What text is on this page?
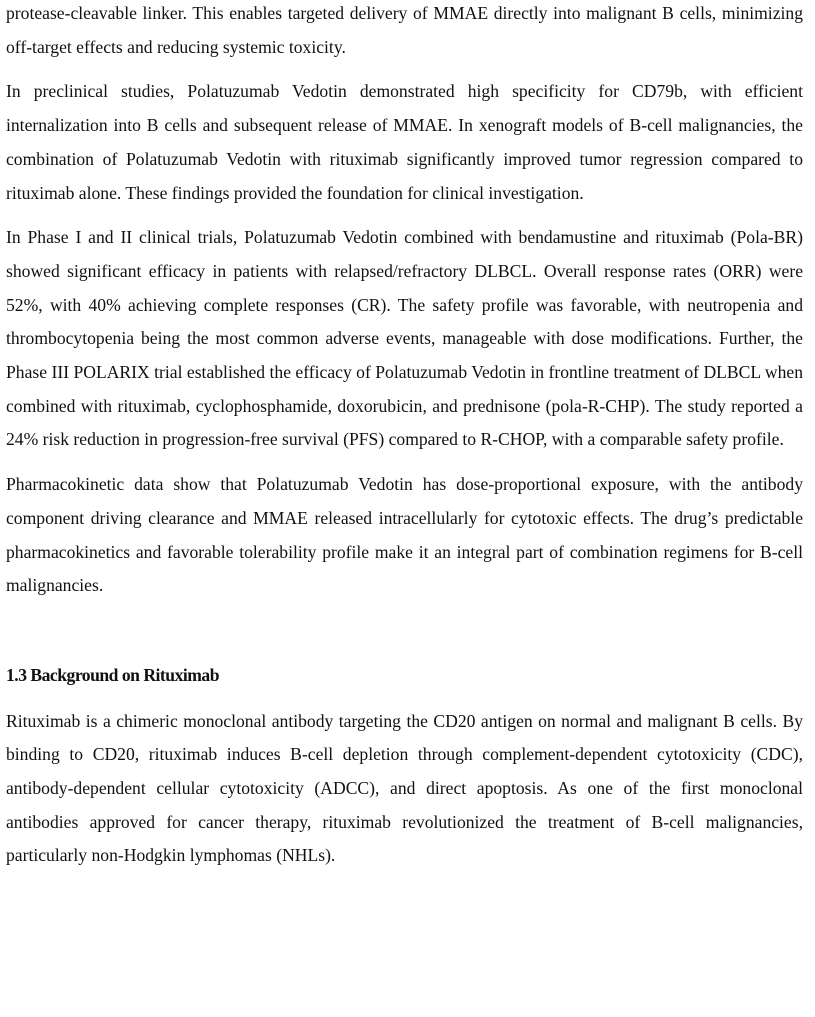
protease-cleavable linker. This enables targeted delivery of MMAE directly into malignant B cells, minimizing off-target effects and reducing systemic toxicity.

In preclinical studies, Polatuzumab Vedotin demonstrated high specificity for CD79b, with efficient internalization into B cells and subsequent release of MMAE. In xenograft models of B-cell malignancies, the combination of Polatuzumab Vedotin with rituximab significantly improved tumor regression compared to rituximab alone. These findings provided the foundation for clinical investigation.

In Phase I and II clinical trials, Polatuzumab Vedotin combined with bendamustine and rituximab (Pola-BR) showed significant efficacy in patients with relapsed/refractory DLBCL. Overall response rates (ORR) were 52%, with 40% achieving complete responses (CR). The safety profile was favorable, with neutropenia and thrombocytopenia being the most common adverse events, manageable with dose modifications. Further, the Phase III POLARIX trial established the efficacy of Polatuzumab Vedotin in frontline treatment of DLBCL when combined with rituximab, cyclophosphamide, doxorubicin, and prednisone (pola-R-CHP). The study reported a 24% risk reduction in progression-free survival (PFS) compared to R-CHOP, with a comparable safety profile.

Pharmacokinetic data show that Polatuzumab Vedotin has dose-proportional exposure, with the antibody component driving clearance and MMAE released intracellularly for cytotoxic effects. The drug’s predictable pharmacokinetics and favorable tolerability profile make it an integral part of combination regimens for B-cell malignancies.

1.3 Background on Rituximab

Rituximab is a chimeric monoclonal antibody targeting the CD20 antigen on normal and malignant B cells. By binding to CD20, rituximab induces B-cell depletion through complement-dependent cytotoxicity (CDC), antibody-dependent cellular cytotoxicity (ADCC), and direct apoptosis. As one of the first monoclonal antibodies approved for cancer therapy, rituximab revolutionized the treatment of B-cell malignancies, particularly non-Hodgkin lymphomas (NHLs).
